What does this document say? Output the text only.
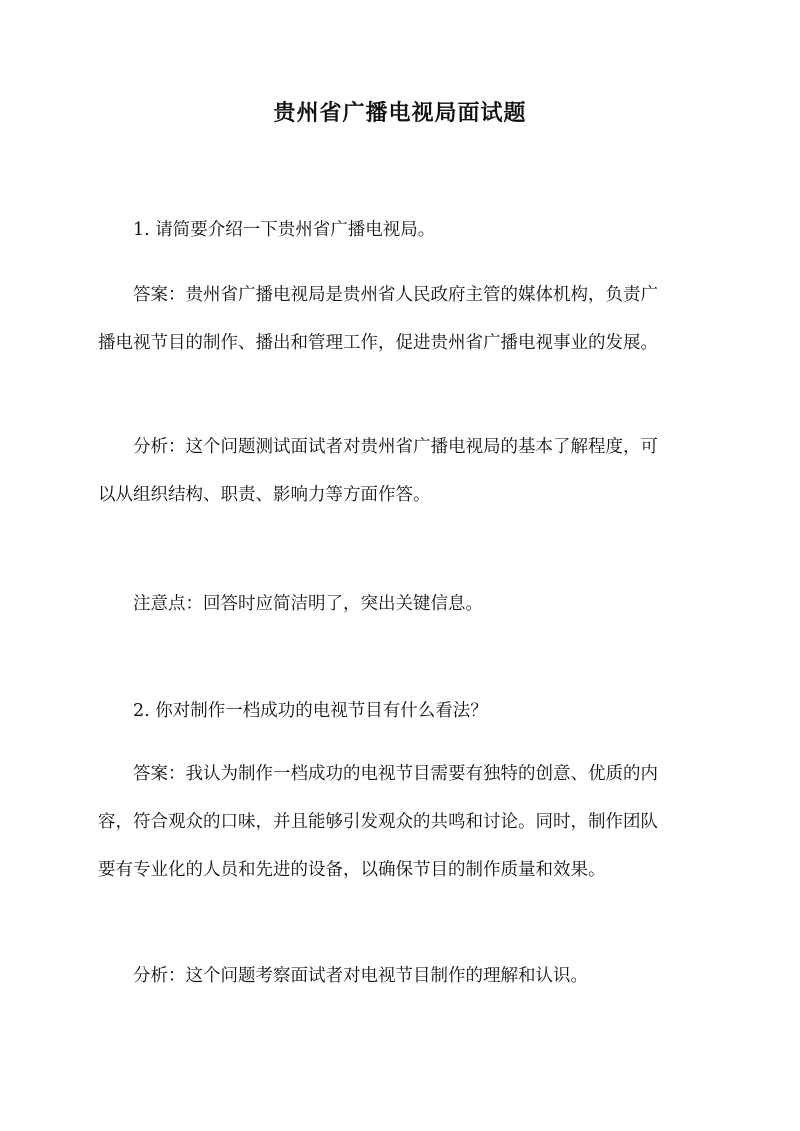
贵州省广播电视局面试题
1. 请简要介绍一下贵州省广播电视局。
答案：贵州省广播电视局是贵州省人民政府主管的媒体机构，负责广
播电视节目的制作、播出和管理工作，促进贵州省广播电视事业的发展。
分析：这个问题测试面试者对贵州省广播电视局的基本了解程度，可
以从组织结构、职责、影响力等方面作答。
注意点：回答时应简洁明了，突出关键信息。
2. 你对制作一档成功的电视节目有什么看法？
答案：我认为制作一档成功的电视节目需要有独特的创意、优质的内
容，符合观众的口味，并且能够引发观众的共鸣和讨论。同时，制作团队
要有专业化的人员和先进的设备，以确保节目的制作质量和效果。
分析：这个问题考察面试者对电视节目制作的理解和认识。
